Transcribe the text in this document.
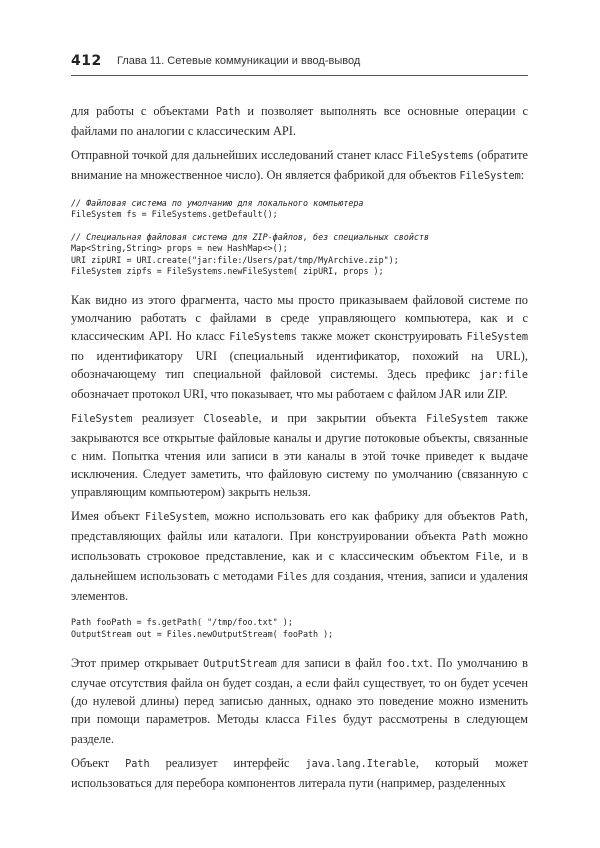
412 Глава 11. Сетевые коммуникации и ввод-вывод

для работы с объектами Path и позволяет выполнять все основные операции с файлами по аналогии с классическим API.

Отправной точкой для дальнейших исследований станет класс FileSystems (обратите внимание на множественное число). Он является фабрикой для объектов FileSystem:

// Файловая система по умолчанию для локального компьютера
FileSystem fs = FileSystems.getDefault();
// Специальная файловая система для ZIP-файлов, без специальных свойств
Map<String,String> props = new HashMap<>();
URI zipURI = URI.create("jar:file:/Users/pat/tmp/MyArchive.zip");
FileSystem zipfs = FileSystems.newFileSystem( zipURI, props );

Как видно из этого фрагмента, часто мы просто приказываем файловой системе по умолчанию работать с файлами в среде управляющего компьютера, как и с классическим API. Но класс FileSystems также может сконструировать FileSystem по идентификатору URI (специальный идентификатор, похожий на URL), обозначающему тип специальной файловой системы. Здесь префикс jar:file обозначает протокол URI, что показывает, что мы работаем с файлом JAR или ZIP.

FileSystem реализует Closeable, и при закрытии объекта FileSystem также закрываются все открытые файловые каналы и другие потоковые объекты, связанные с ним. Попытка чтения или записи в эти каналы в этой точке приведет к выдаче исключения. Следует заметить, что файловую систему по умолчанию (связанную с управляющим компьютером) закрыть нельзя.

Имея объект FileSystem, можно использовать его как фабрику для объектов Path, представляющих файлы или каталоги. При конструировании объекта Path можно использовать строковое представление, как и с классическим объектом File, и в дальнейшем использовать с методами Files для создания, чтения, записи и удаления элементов.

Path fooPath = fs.getPath( "/tmp/foo.txt" );
OutputStream out = Files.newOutputStream( fooPath );

Этот пример открывает OutputStream для записи в файл foo.txt. По умолчанию в случае отсутствия файла он будет создан, а если файл существует, то он будет усечен (до нулевой длины) перед записью данных, однако это поведение можно изменить при помощи параметров. Методы класса Files будут рассмотрены в следующем разделе.

Объект Path реализует интерфейс java.lang.Iterable, который может использоваться для перебора компонентов литерала пути (например, разделенных
